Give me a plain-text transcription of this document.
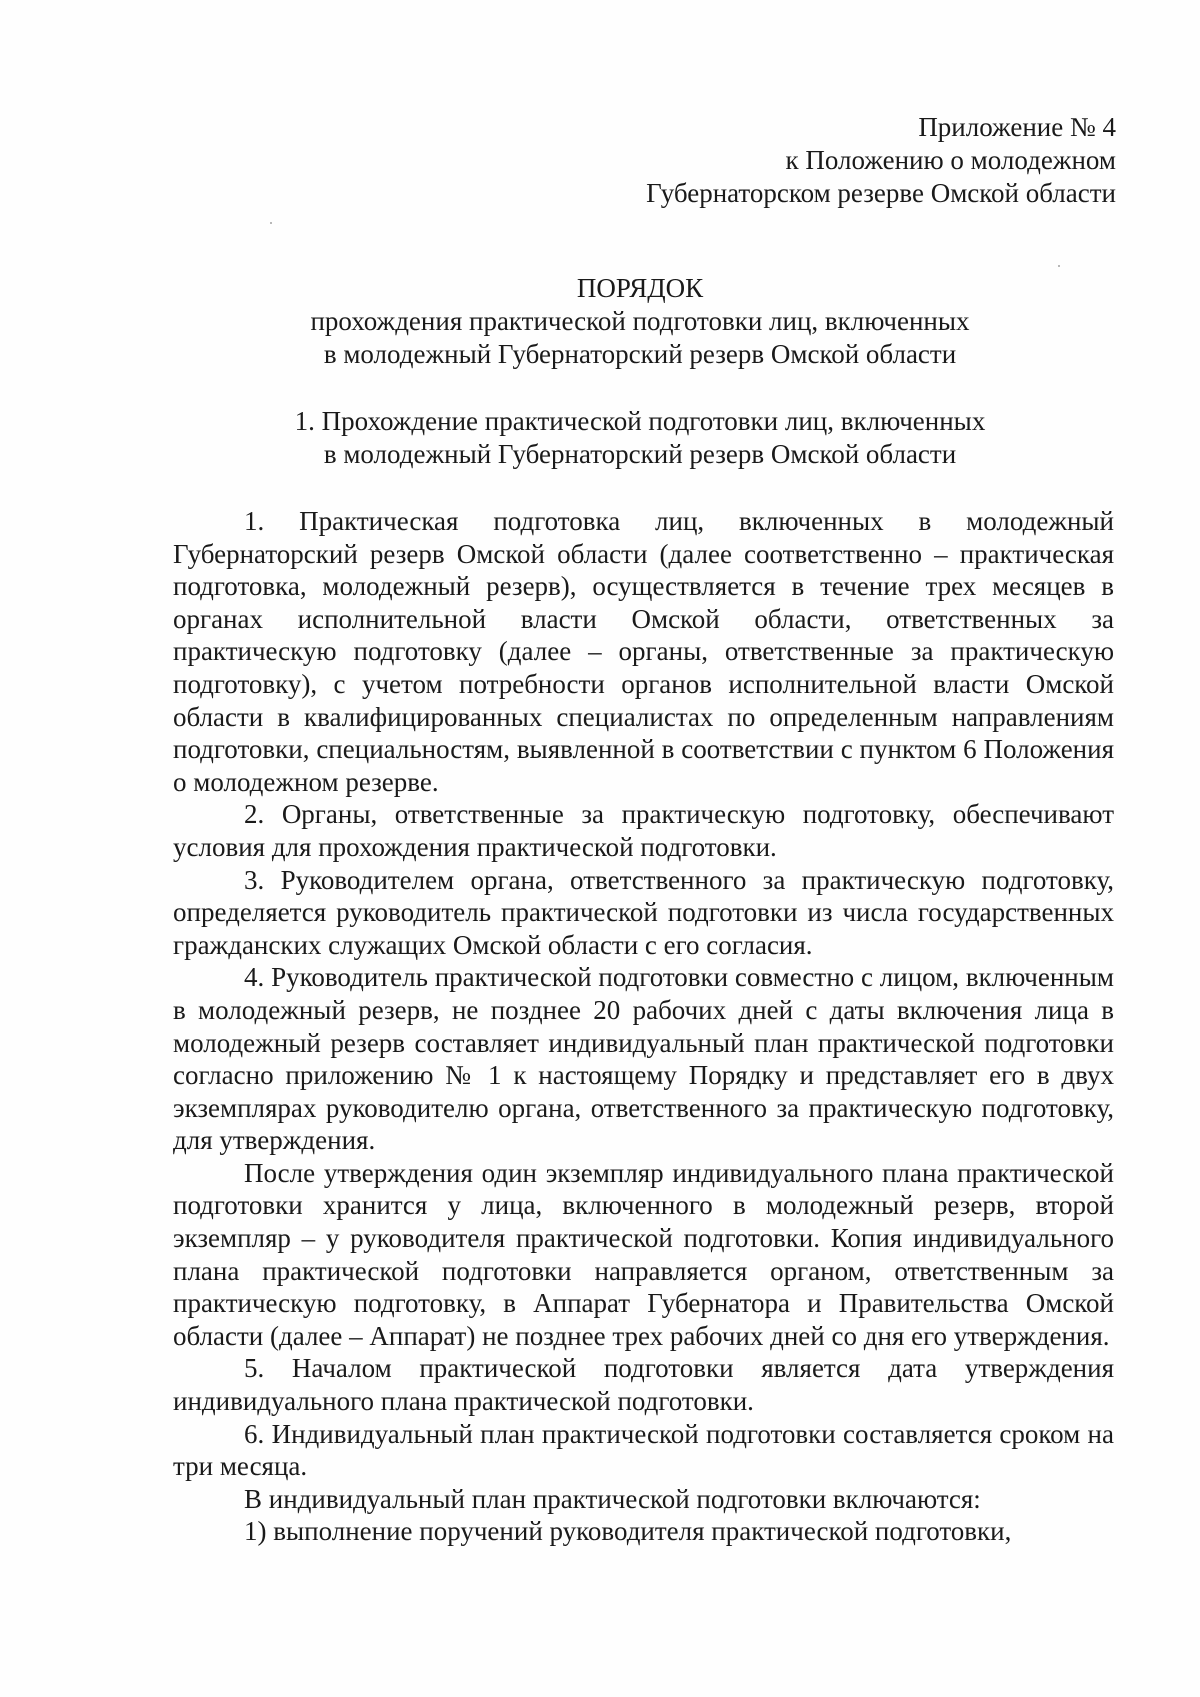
Приложение № 4
к Положению о молодежном
Губернаторском резерве Омской области
ПОРЯДОК
прохождения практической подготовки лиц, включенных
в молодежный Губернаторский резерв Омской области
1. Прохождение практической подготовки лиц, включенных
в молодежный Губернаторский резерв Омской области

1. Практическая подготовка лиц, включенных в молодежный Губернаторский резерв Омской области (далее соответственно – практическая подготовка, молодежный резерв), осуществляется в течение трех месяцев в органах исполнительной власти Омской области, ответственных за практическую подготовку (далее – органы, ответственные за практическую подготовку), с учетом потребности органов исполнительной власти Омской области в квалифицированных специалистах по определенным направлениям подготовки, специальностям, выявленной в соответствии с пунктом 6 Положения о молодежном резерве.

2. Органы, ответственные за практическую подготовку, обеспечивают условия для прохождения практической подготовки.

3. Руководителем органа, ответственного за практическую подготовку, определяется руководитель практической подготовки из числа государственных гражданских служащих Омской области с его согласия.

4. Руководитель практической подготовки совместно с лицом, включенным в молодежный резерв, не позднее 20 рабочих дней с даты включения лица в молодежный резерв составляет индивидуальный план практической подготовки согласно приложению № 1 к настоящему Порядку и представляет его в двух экземплярах руководителю органа, ответственного за практическую подготовку, для утверждения.

После утверждения один экземпляр индивидуального плана практической подготовки хранится у лица, включенного в молодежный резерв, второй экземпляр – у руководителя практической подготовки. Копия индивидуального плана практической подготовки направляется органом, ответственным за практическую подготовку, в Аппарат Губернатора и Правительства Омской области (далее – Аппарат) не позднее трех рабочих дней со дня его утверждения.

5. Началом практической подготовки является дата утверждения индивидуального плана практической подготовки.

6. Индивидуальный план практической подготовки составляется сроком на три месяца.

В индивидуальный план практической подготовки включаются:

1) выполнение поручений руководителя практической подготовки,
